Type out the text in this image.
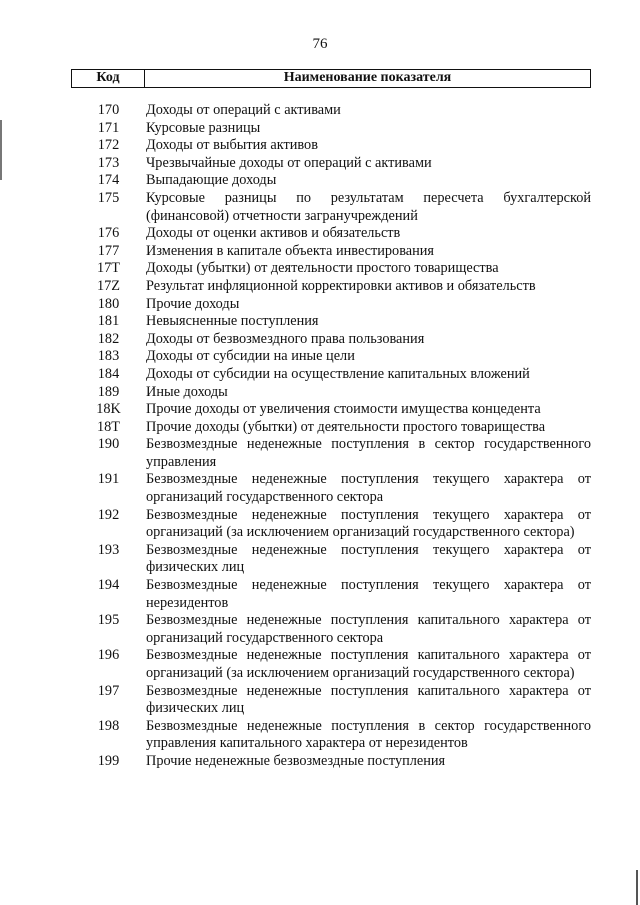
76
Код	Наименование показателя
170	Доходы от операций с активами
171	Курсовые разницы
172	Доходы от выбытия активов
173	Чрезвычайные доходы от операций с активами
174	Выпадающие доходы
175	Курсовые разницы по результатам пересчета бухгалтерской (финансовой) отчетности загранучреждений
176	Доходы от оценки активов и обязательств
177	Изменения в капитале объекта инвестирования
17T	Доходы (убытки) от деятельности простого товарищества
17Z	Результат инфляционной корректировки активов и обязательств
180	Прочие доходы
181	Невыясненные поступления
182	Доходы от безвозмездного права пользования
183	Доходы от субсидии на иные цели
184	Доходы от субсидии на осуществление капитальных вложений
189	Иные доходы
18K	Прочие доходы от увеличения стоимости имущества концедента
18T	Прочие доходы (убытки) от деятельности простого товарищества
190	Безвозмездные неденежные поступления в сектор государственного управления
191	Безвозмездные неденежные поступления текущего характера от организаций государственного сектора
192	Безвозмездные неденежные поступления текущего характера от организаций (за исключением организаций государственного сектора)
193	Безвозмездные неденежные поступления текущего характера от физических лиц
194	Безвозмездные неденежные поступления текущего характера от нерезидентов
195	Безвозмездные неденежные поступления капитального характера от организаций государственного сектора
196	Безвозмездные неденежные поступления капитального характера от организаций (за исключением организаций государственного сектора)
197	Безвозмездные неденежные поступления капитального характера от физических лиц
198	Безвозмездные неденежные поступления в сектор государственного управления капитального характера от нерезидентов
199	Прочие неденежные безвозмездные поступления
